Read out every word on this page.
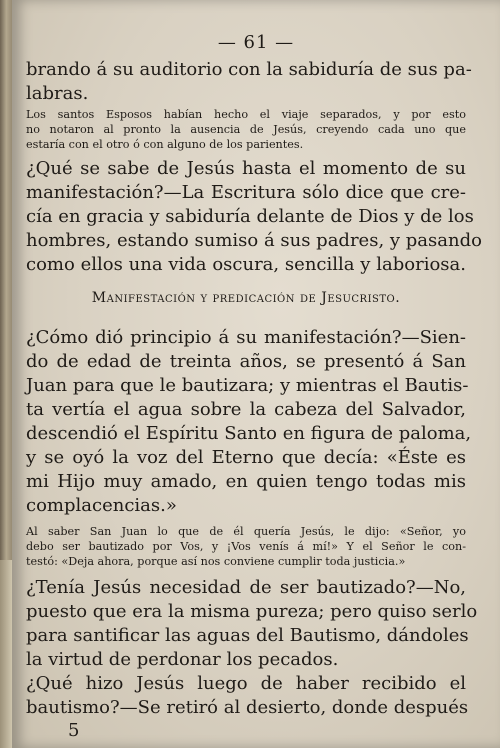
— 61 —
brando á su auditorio con la sabiduría de sus pa-
labras.
Los santos Esposos habían hecho el viaje separados, y por esto
no notaron al pronto la ausencia de Jesús, creyendo cada uno que
estaría con el otro ó con alguno de los parientes.
¿Qué se sabe de Jesús hasta el momento de su
manifestación?—La Escritura sólo dice que cre-
cía en gracia y sabiduría delante de Dios y de los
hombres, estando sumiso á sus padres, y pasando
como ellos una vida oscura, sencilla y laboriosa.
Manifestación y predicación de Jesucristo.
¿Cómo dió principio á su manifestación?—Sien-
do de edad de treinta años, se presentó á San
Juan para que le bautizara; y mientras el Bautis-
ta vertía el agua sobre la cabeza del Salvador,
descendió el Espíritu Santo en figura de paloma,
y se oyó la voz del Eterno que decía: «Éste es
mi Hijo muy amado, en quien tengo todas mis
complacencias.»
Al saber San Juan lo que de él quería Jesús, le dijo: «Señor, yo
debo ser bautizado por Vos, y ¡Vos venís á mí!» Y el Señor le con-
testó: «Deja ahora, porque así nos conviene cumplir toda justicia.»
¿Tenía Jesús necesidad de ser bautizado?—No,
puesto que era la misma pureza; pero quiso serlo
para santificar las aguas del Bautismo, dándoles
la virtud de perdonar los pecados.
¿Qué hizo Jesús luego de haber recibido el
bautismo?—Se retiró al desierto, donde después
5
